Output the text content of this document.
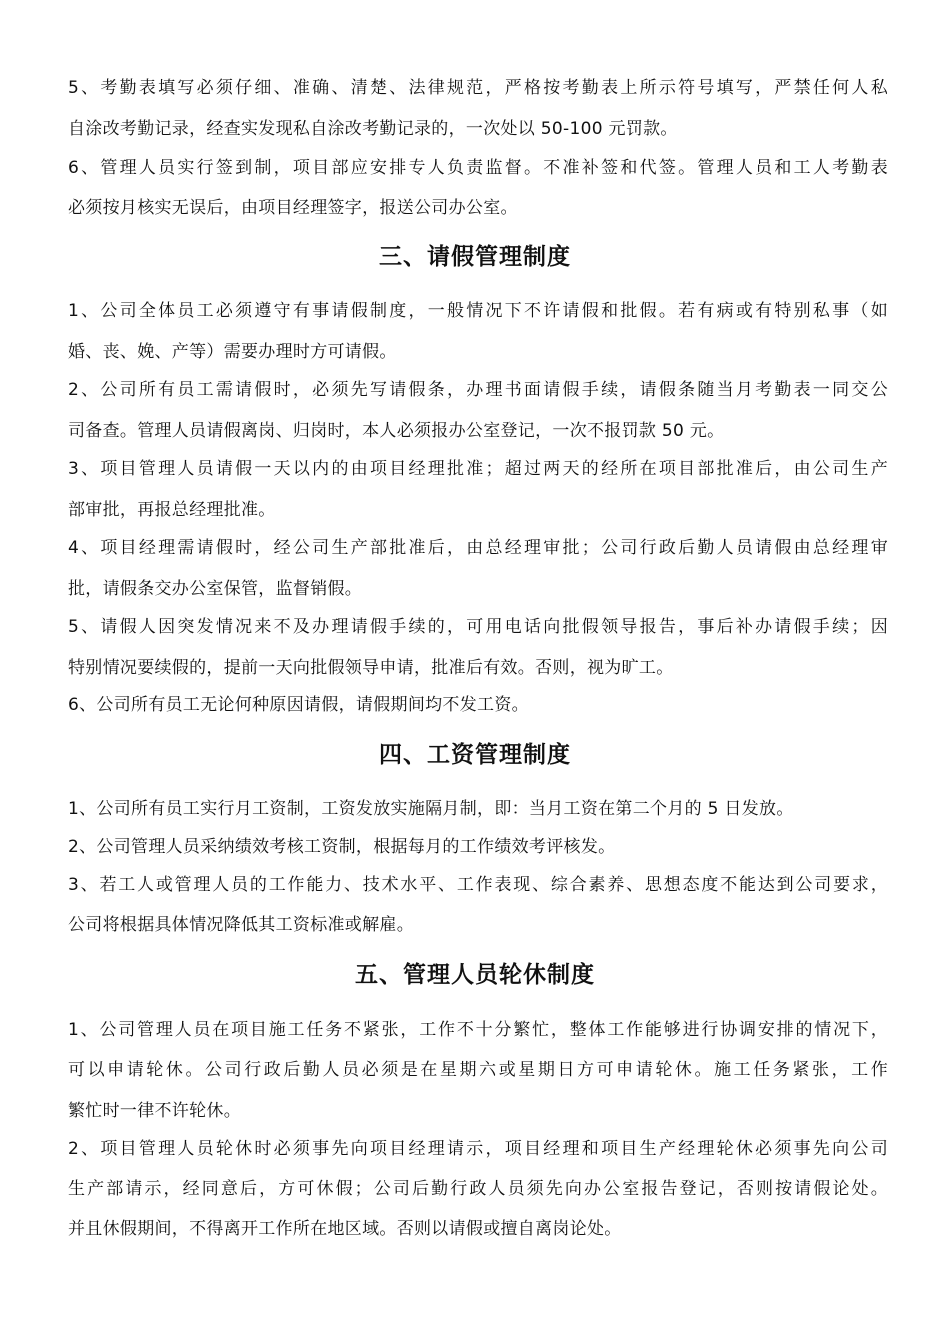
5、考勤表填写必须仔细、准确、清楚、法律规范，严格按考勤表上所示符号填写，严禁任何人私
自涂改考勤记录，经查实发现私自涂改考勤记录的，一次处以 50-100 元罚款。
6、管理人员实行签到制，项目部应安排专人负责监督。不准补签和代签。管理人员和工人考勤表
必须按月核实无误后，由项目经理签字，报送公司办公室。
三、请假管理制度
1、公司全体员工必须遵守有事请假制度，一般情况下不许请假和批假。若有病或有特别私事（如
婚、丧、娩、产等）需要办理时方可请假。
2、公司所有员工需请假时，必须先写请假条，办理书面请假手续，请假条随当月考勤表一同交公
司备查。管理人员请假离岗、归岗时，本人必须报办公室登记，一次不报罚款 50 元。
3、项目管理人员请假一天以内的由项目经理批准；超过两天的经所在项目部批准后，由公司生产
部审批，再报总经理批准。
4、项目经理需请假时，经公司生产部批准后，由总经理审批；公司行政后勤人员请假由总经理审
批，请假条交办公室保管，监督销假。
5、请假人因突发情况来不及办理请假手续的，可用电话向批假领导报告，事后补办请假手续；因
特别情况要续假的，提前一天向批假领导申请，批准后有效。否则，视为旷工。
6、公司所有员工无论何种原因请假，请假期间均不发工资。
四、工资管理制度
1、公司所有员工实行月工资制，工资发放实施隔月制，即：当月工资在第二个月的 5 日发放。
2、公司管理人员采纳绩效考核工资制，根据每月的工作绩效考评核发。
3、若工人或管理人员的工作能力、技术水平、工作表现、综合素养、思想态度不能达到公司要求，
公司将根据具体情况降低其工资标准或解雇。
五、管理人员轮休制度
1、公司管理人员在项目施工任务不紧张，工作不十分繁忙，整体工作能够进行协调安排的情况下，
可以申请轮休。公司行政后勤人员必须是在星期六或星期日方可申请轮休。施工任务紧张，工作
繁忙时一律不许轮休。
2、项目管理人员轮休时必须事先向项目经理请示，项目经理和项目生产经理轮休必须事先向公司
生产部请示，经同意后，方可休假；公司后勤行政人员须先向办公室报告登记，否则按请假论处。
并且休假期间，不得离开工作所在地区域。否则以请假或擅自离岗论处。
